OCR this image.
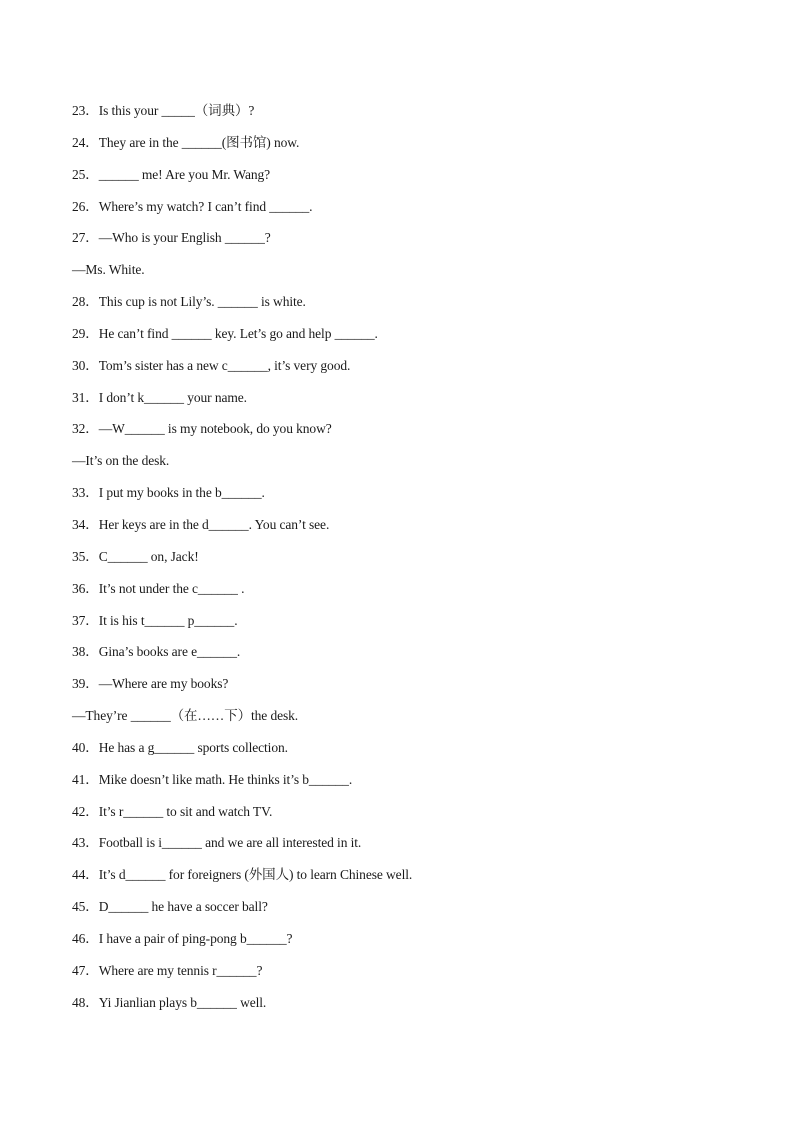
23．Is this your _____（词典）?
24．They are in the ______(图书馆) now.
25．______ me! Are you Mr. Wang?
26．Where’s my watch? I can’t find ______.
27．—Who is your English ______?
—Ms. White.
28．This cup is not Lily’s. ______ is white.
29．He can’t find ______ key. Let’s go and help ______.
30．Tom’s sister has a new c______, it’s very good.
31．I don’t k______ your name.
32．—W______ is my notebook, do you know?
—It’s on the desk.
33．I put my books in the b______.
34．Her keys are in the d______. You can’t see.
35．C______ on, Jack!
36．It’s not under the c______ .
37．It is his t______ p______.
38．Gina’s books are e______.
39．—Where are my books?
—They’re ______（在……下）the desk.
40．He has a g______ sports collection.
41．Mike doesn’t like math. He thinks it’s b______.
42．It’s r______ to sit and watch TV.
43．Football is i______ and we are all interested in it.
44．It’s d______ for foreigners (外国人) to learn Chinese well.
45．D______ he have a soccer ball?
46．I have a pair of ping-pong b______?
47．Where are my tennis r______?
48．Yi Jianlian plays b______ well.
